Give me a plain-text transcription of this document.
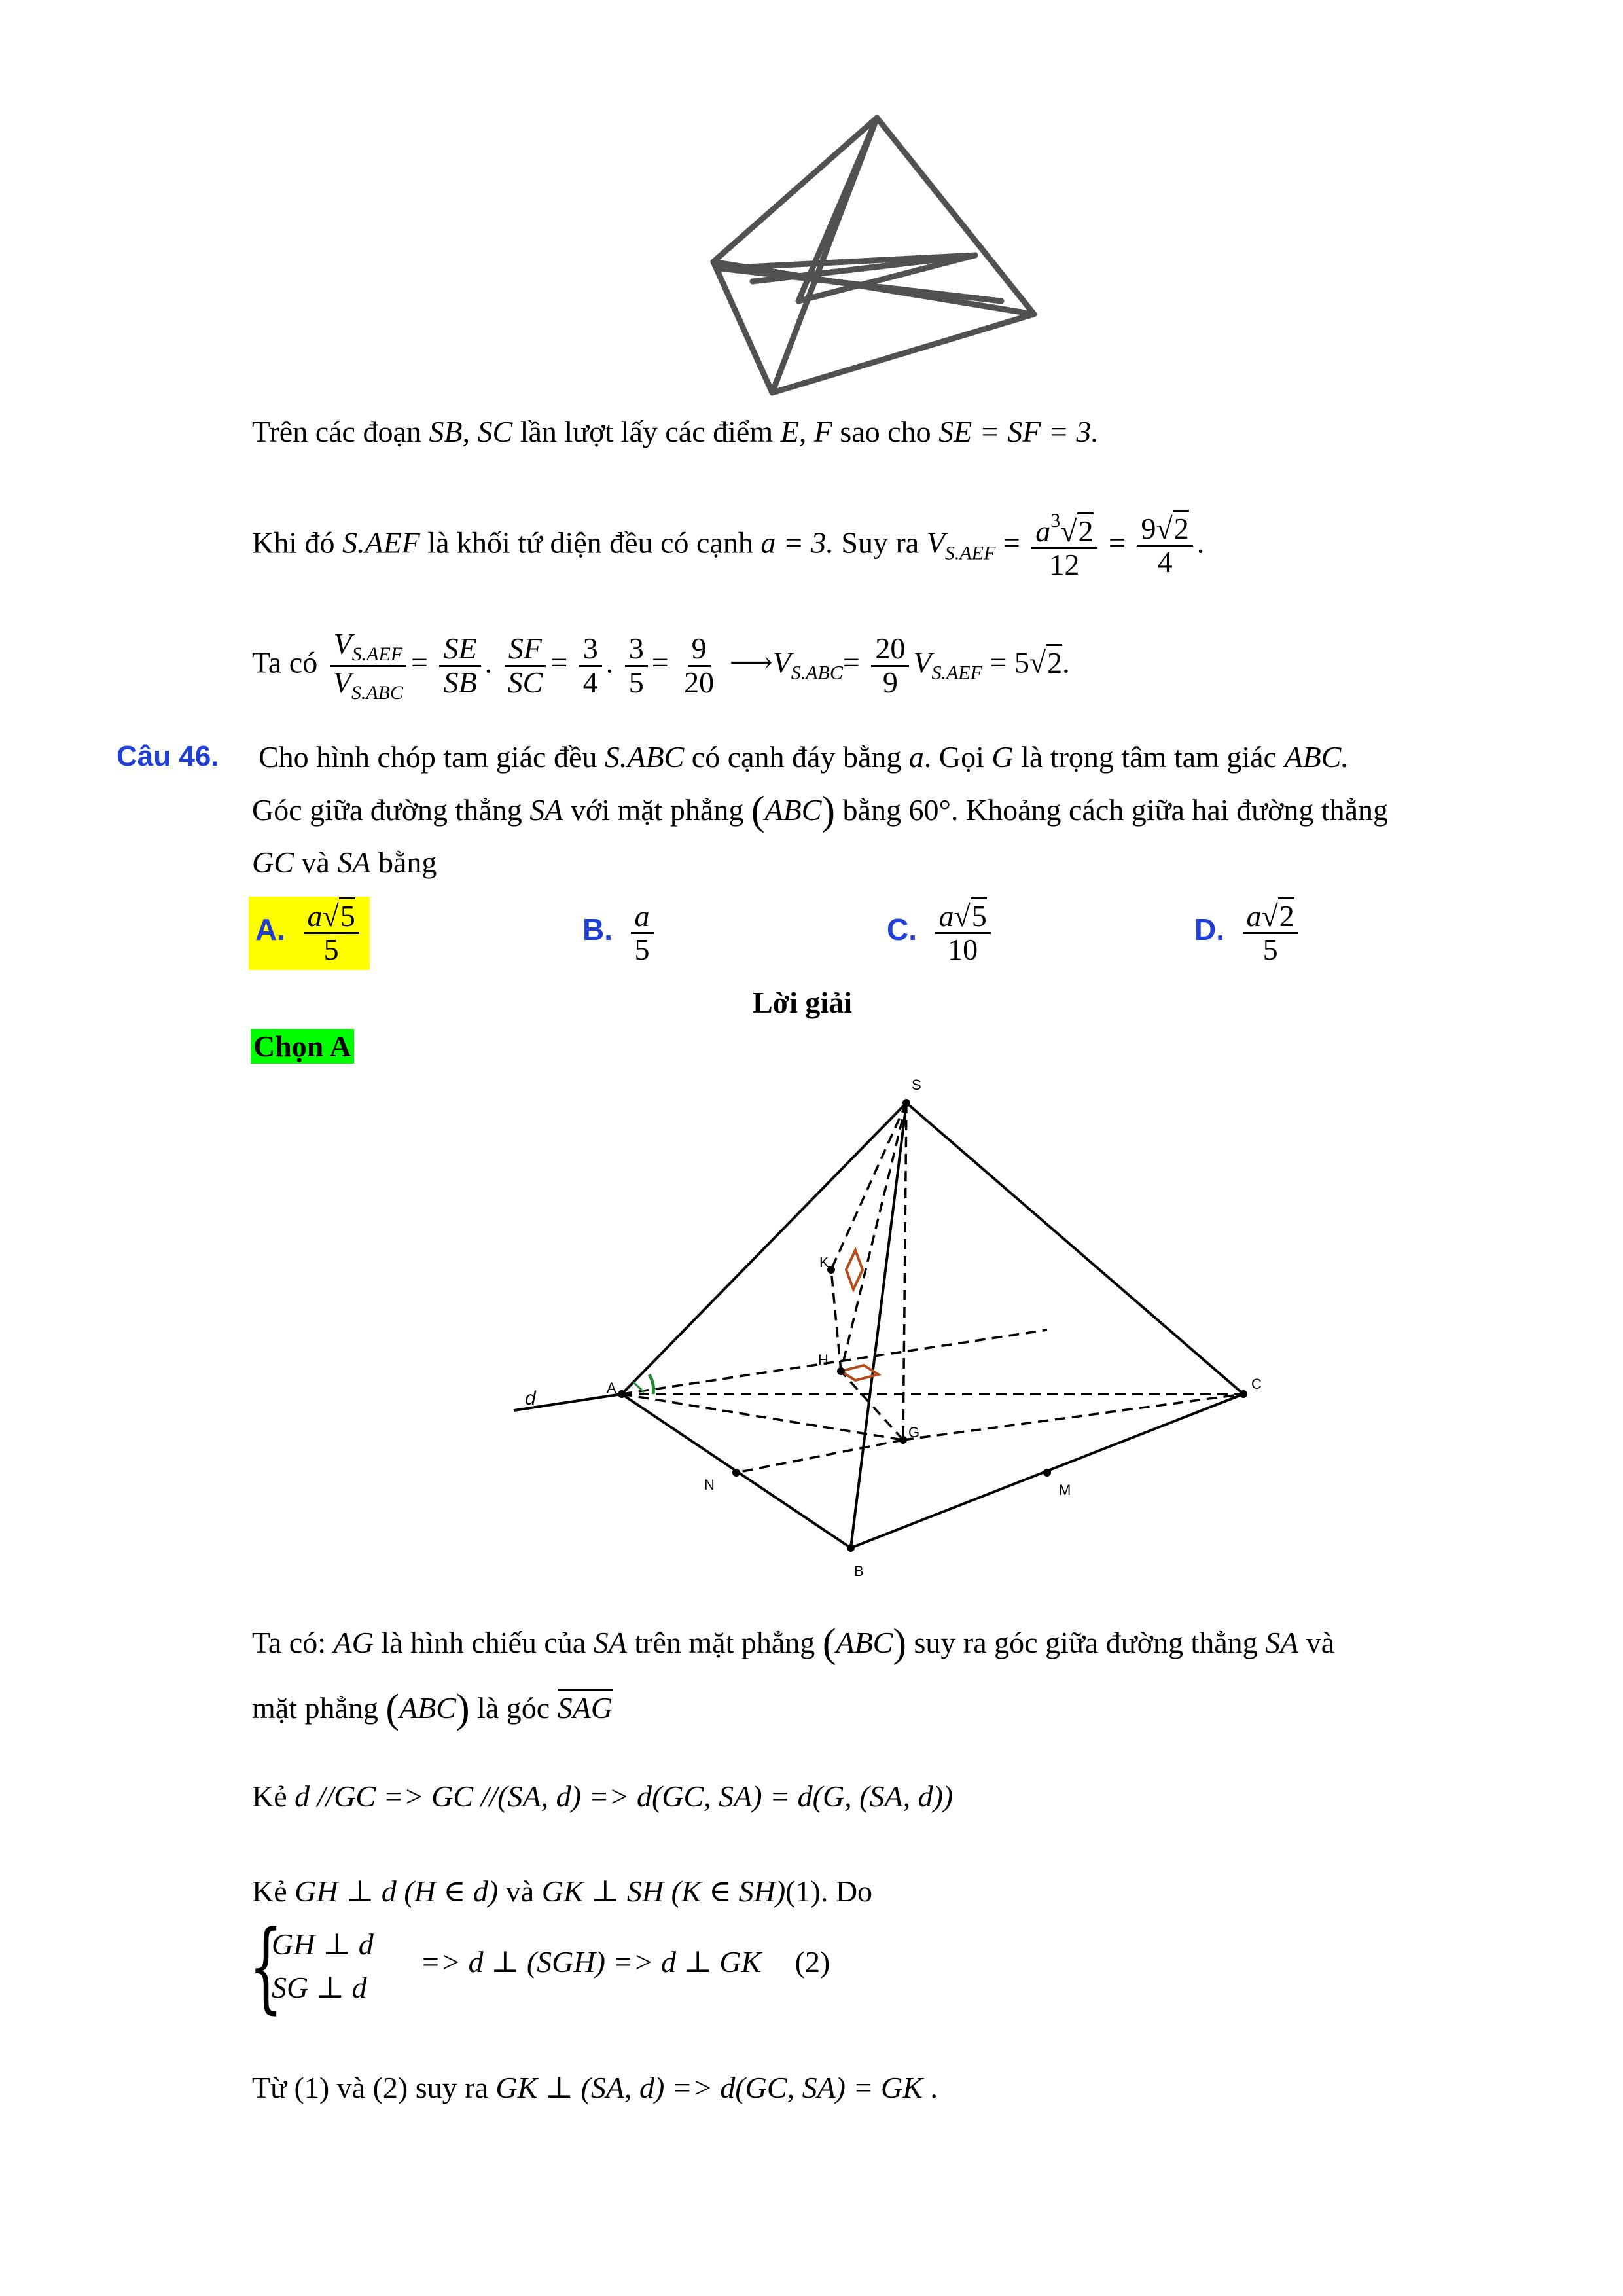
Trên các đoạn SB, SC lần lượt lấy các điểm E, F sao cho SE = SF = 3.
Khi đó S.AEF là khối tứ diện đều có cạnh a = 3. Suy ra $V_{S.AEF} = \frac{a^3√2}{12} = \frac{9√2}{4}$ .
Ta có $\frac{V_{S.AEF}}{V_{S.ABC}} = \frac{SE}{SB}$ . $\frac{SF}{SC} = \frac{3}{4}$ . $\frac{3}{5} = \frac{9}{20}$ $⟶V_{S.ABC}= \frac{20}{9} V_{S.AEF} = 5√2$.
Câu 46. Cho hình chóp tam giác đều S.ABC có cạnh đáy bằng a. Gọi G là trọng tâm tam giác ABC.
Góc giữa đường thẳng SA với mặt phẳng (ABC) bằng 60°. Khoảng cách giữa hai đường thẳng
GC và SA bằng
A. $\frac{a√5}{5}$	B. $\frac{a}{5}$	C. $\frac{a√5}{10}$	D. $\frac{a√2}{5}$
Lời giải
Chọn A
S
K
H
A	C
G
N	M
B
d
Ta có: AG là hình chiếu của SA trên mặt phẳng (ABC) suy ra góc giữa đường thẳng SA và
mặt phẳng (ABC) là góc SAG
Kẻ d //GC => GC //(SA, d) => d(GC, SA) = d(G, (SA, d))
Kẻ GH ⊥ d (H ∈ d) và GK ⊥ SH (K ∈ SH)(1). Do
{
GH ⊥ d
SG ⊥ d
=> d ⊥ (SGH) => d ⊥ GK (2)
Từ (1) và (2) suy ra GK ⊥ (SA, d) => d(GC, SA) = GK .
